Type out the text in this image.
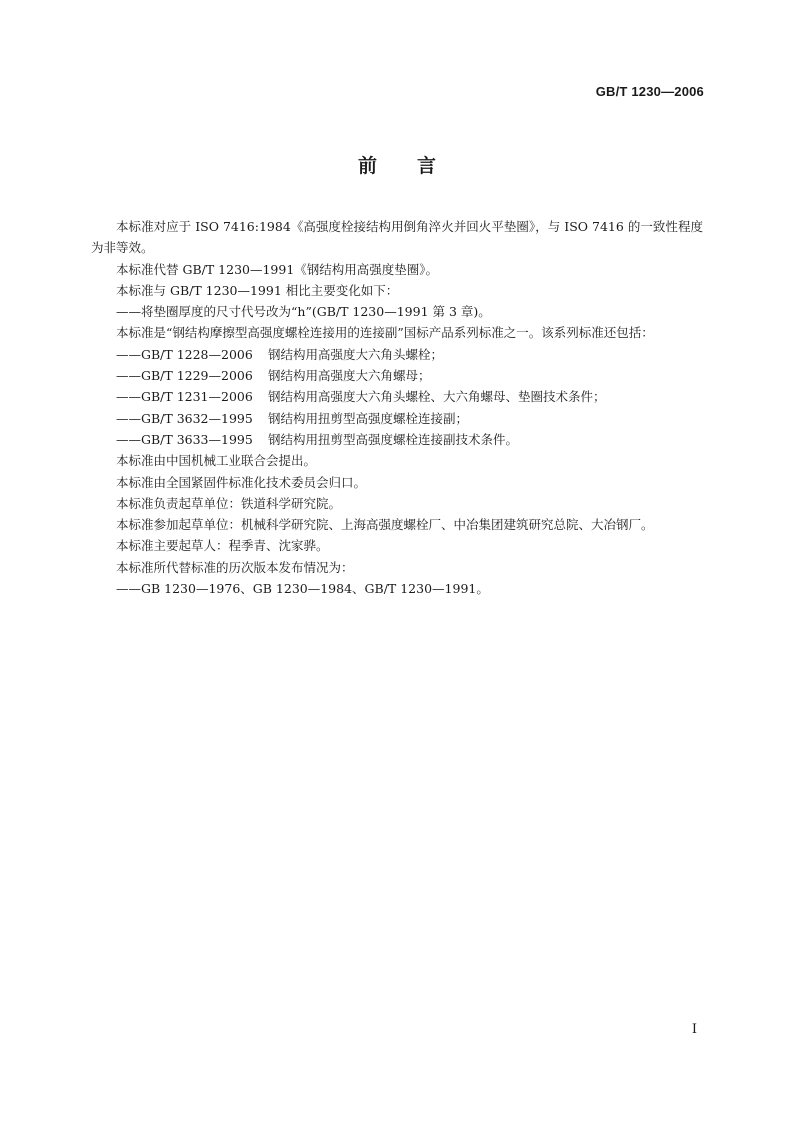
GB/T 1230—2006
前言

本标准对应于 ISO 7416:1984《高强度栓接结构用倒角淬火并回火平垫圈》，与 ISO 7416 的一致性程度为非等效。

本标准代替 GB/T 1230—1991《钢结构用高强度垫圈》。

本标准与 GB/T 1230—1991 相比主要变化如下：

——将垫圈厚度的尺寸代号改为“h”(GB/T 1230—1991 第 3 章)。

本标准是“钢结构摩擦型高强度螺栓连接用的连接副”国标产品系列标准之一。该系列标准还包括：

——GB/T 1228—2006 钢结构用高强度大六角头螺栓；

——GB/T 1229—2006 钢结构用高强度大六角螺母；

——GB/T 1231—2006 钢结构用高强度大六角头螺栓、大六角螺母、垫圈技术条件；

——GB/T 3632—1995 钢结构用扭剪型高强度螺栓连接副；

——GB/T 3633—1995 钢结构用扭剪型高强度螺栓连接副技术条件。

本标准由中国机械工业联合会提出。

本标准由全国紧固件标准化技术委员会归口。

本标准负责起草单位：铁道科学研究院。

本标准参加起草单位：机械科学研究院、上海高强度螺栓厂、中冶集团建筑研究总院、大冶钢厂。

本标准主要起草人：程季青、沈家骅。

本标准所代替标准的历次版本发布情况为：

——GB 1230—1976、GB 1230—1984、GB/T 1230—1991。

I
